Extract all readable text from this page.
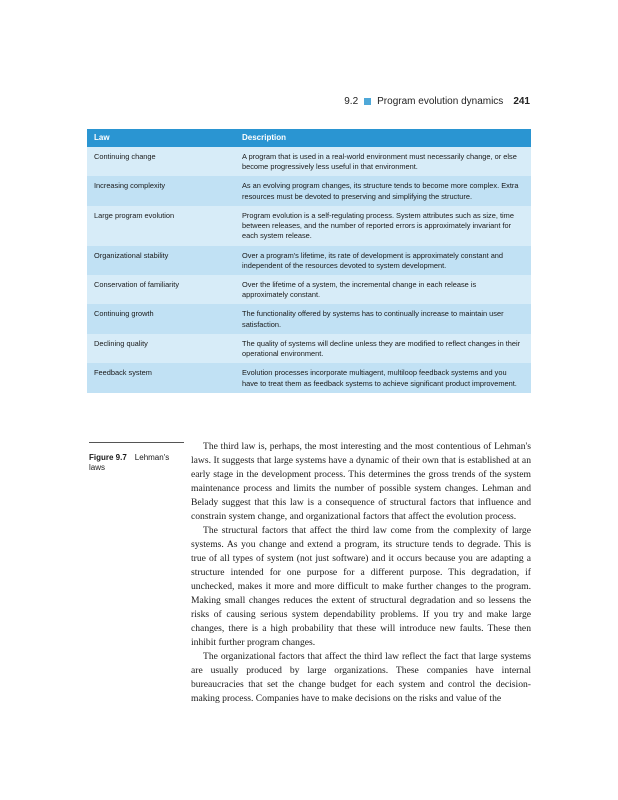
9.2 Program evolution dynamics 241
Law	Description
Continuing change	A program that is used in a real-world environment must necessarily change, or else become progressively less useful in that environment.
Increasing complexity	As an evolving program changes, its structure tends to become more complex. Extra resources must be devoted to preserving and simplifying the structure.
Large program evolution	Program evolution is a self-regulating process. System attributes such as size, time between releases, and the number of reported errors is approximately invariant for each system release.
Organizational stability	Over a program's lifetime, its rate of development is approximately constant and independent of the resources devoted to system development.
Conservation of familiarity	Over the lifetime of a system, the incremental change in each release is approximately constant.
Continuing growth	The functionality offered by systems has to continually increase to maintain user satisfaction.
Declining quality	The quality of systems will decline unless they are modified to reflect changes in their operational environment.
Feedback system	Evolution processes incorporate multiagent, multiloop feedback systems and you have to treat them as feedback systems to achieve significant product improvement.
Figure 9.7 Lehman's laws

The third law is, perhaps, the most interesting and the most contentious of Lehman's laws. It suggests that large systems have a dynamic of their own that is established at an early stage in the development process. This determines the gross trends of the system maintenance process and limits the number of possible system changes. Lehman and Belady suggest that this law is a consequence of structural factors that influence and constrain system change, and organizational factors that affect the evolution process.

The structural factors that affect the third law come from the complexity of large systems. As you change and extend a program, its structure tends to degrade. This is true of all types of system (not just software) and it occurs because you are adapting a structure intended for one purpose for a different purpose. This degradation, if unchecked, makes it more and more difficult to make further changes to the program. Making small changes reduces the extent of structural degradation and so lessens the risks of causing serious system dependability problems. If you try and make large changes, there is a high probability that these will introduce new faults. These then inhibit further program changes.

The organizational factors that affect the third law reflect the fact that large systems are usually produced by large organizations. These companies have internal bureaucracies that set the change budget for each system and control the decision-making process. Companies have to make decisions on the risks and value of the
